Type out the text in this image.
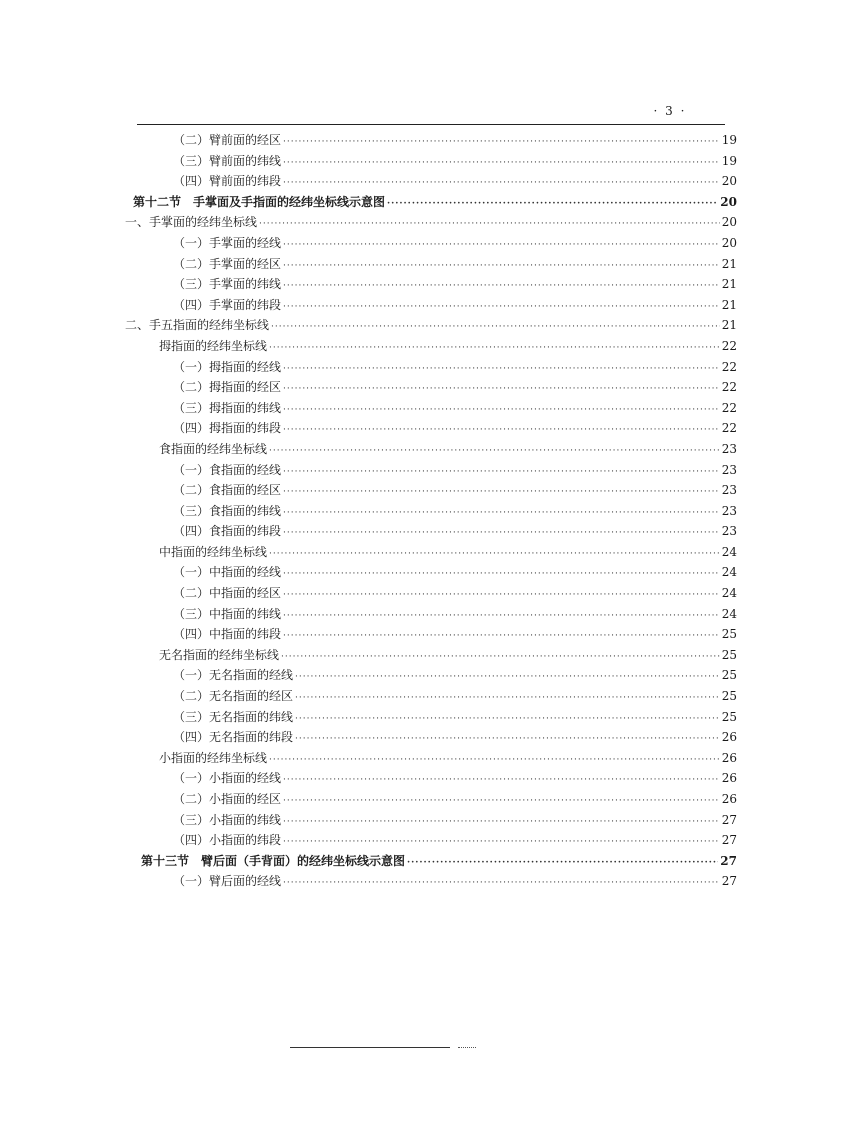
· 3 ·
（二）臂前面的经区 ·····	19
（三）臂前面的纬线 ·····	19
（四）臂前面的纬段 ·····	20
第十二节　手掌面及手指面的经纬坐标线示意图 ·····	20
一、手掌面的经纬坐标线 ·····	20
（一）手掌面的经线 ·····	20
（二）手掌面的经区 ·····	21
（三）手掌面的纬线 ·····	21
（四）手掌面的纬段 ·····	21
二、手五指面的经纬坐标线 ·····	21
拇指面的经纬坐标线 ·····	22
（一）拇指面的经线 ·····	22
（二）拇指面的经区 ·····	22
（三）拇指面的纬线 ·····	22
（四）拇指面的纬段 ·····	22
食指面的经纬坐标线 ·····	23
（一）食指面的经线 ·····	23
（二）食指面的经区 ·····	23
（三）食指面的纬线 ·····	23
（四）食指面的纬段 ·····	23
中指面的经纬坐标线 ·····	24
（一）中指面的经线 ·····	24
（二）中指面的经区 ·····	24
（三）中指面的纬线 ·····	24
（四）中指面的纬段 ·····	25
无名指面的经纬坐标线 ·····	25
（一）无名指面的经线 ·····	25
（二）无名指面的经区 ·····	25
（三）无名指面的纬线 ·····	25
（四）无名指面的纬段 ·····	26
小指面的经纬坐标线 ·····	26
（一）小指面的经线 ·····	26
（二）小指面的经区 ·····	26
（三）小指面的纬线 ·····	27
（四）小指面的纬段 ·····	27
第十三节　臂后面（手背面）的经纬坐标线示意图 ·····	27
（一）臂后面的经线 ·····	27
